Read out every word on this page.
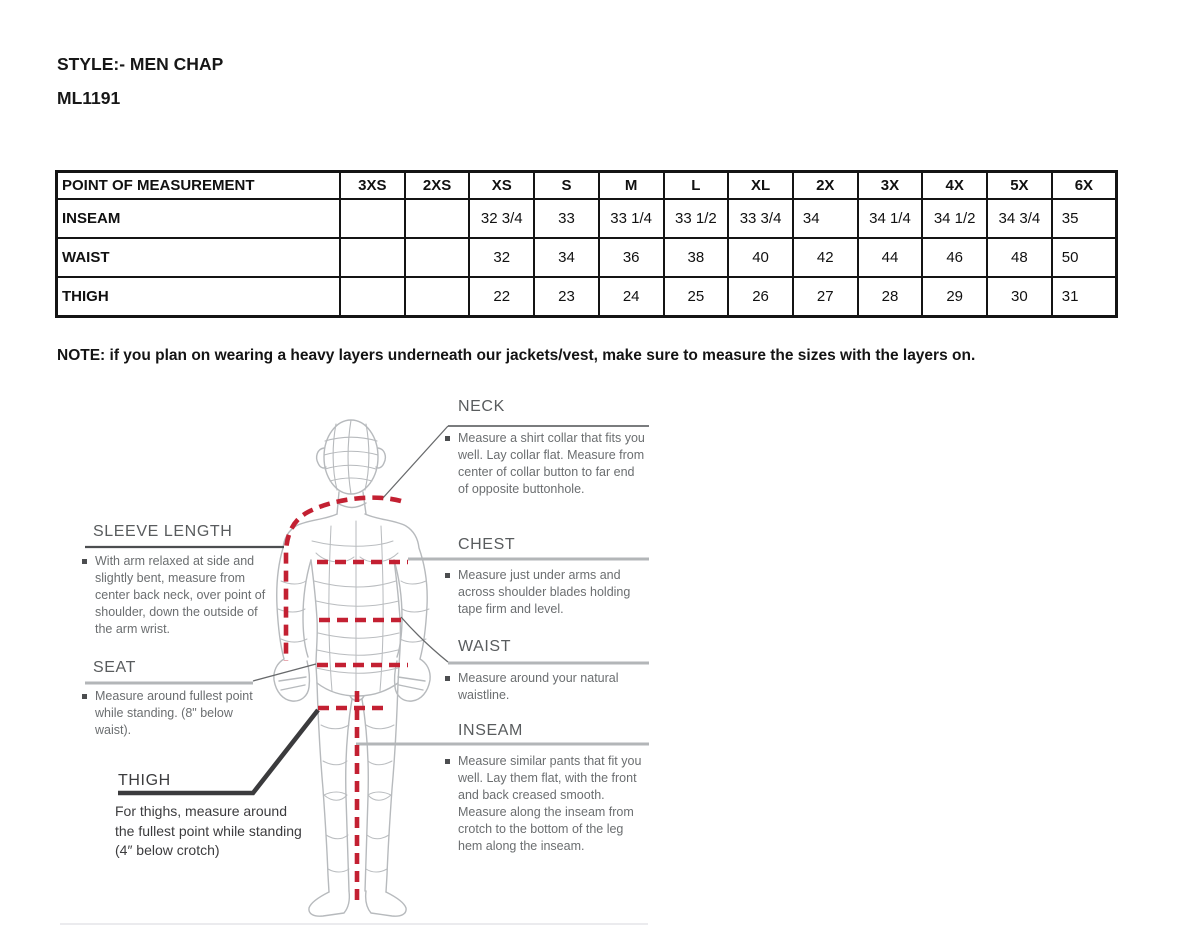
STYLE:- MEN CHAP
ML1191
POINT OF MEASUREMENT	3XS	2XS	XS	S	M	L	XL	2X	3X	4X	5X	6X
INSEAM			32 3/4	33	33 1/4	33 1/2	33 3/4	34	34 1/4	34 1/2	34 3/4	35
WAIST			32	34	36	38	40	42	44	46	48	50
THIGH			22	23	24	25	26	27	28	29	30	31
NOTE: if you plan on wearing a heavy layers underneath our jackets/vest, make sure to measure the sizes with the layers on.
NECK
Measure a shirt collar that fits you well. Lay collar flat. Measure from center of collar button to far end of opposite buttonhole.
SLEEVE LENGTH
With arm relaxed at side and slightly bent, measure from center back neck, over point of shoulder, down the outside of the arm wrist.
CHEST
Measure just under arms and across shoulder blades holding tape firm and level.
SEAT
Measure around fullest point while standing. (8" below waist).
WAIST
Measure around your natural waistline.
THIGH
For thighs, measure around the fullest point while standing (4″ below crotch)
INSEAM
Measure similar pants that fit you well. Lay them flat, with the front and back creased smooth. Measure along the inseam from crotch to the bottom of the leg hem along the inseam.
